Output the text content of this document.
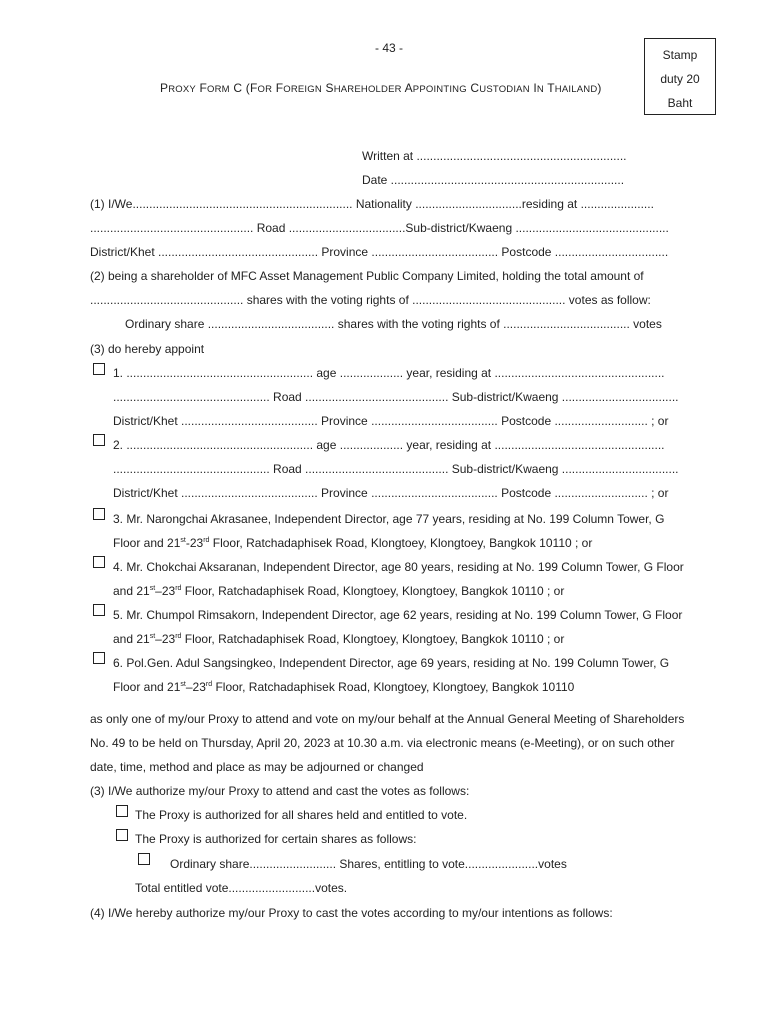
- 43 -	Stamp
duty 20
Baht
PROXY FORM C (FOR FOREIGN SHAREHOLDER APPOINTING CUSTODIAN IN THAILAND)
Written at ...............................................................
Date ......................................................................
(1) I/We.................................................................. Nationality ................................residing at ......................
................................................. Road ...................................Sub-district/Kwaeng ..............................................
District/Khet ................................................ Province ...................................... Postcode ..................................
(2) being a shareholder of MFC Asset Management Public Company Limited, holding the total amount of
.............................................. shares with the voting rights of .............................................. votes as follow:
Ordinary share ...................................... shares with the voting rights of ...................................... votes
(3) do hereby appoint
1. ........................................................ age ................... year, residing at ...................................................
............................................... Road ........................................... Sub-district/Kwaeng ...................................
District/Khet ......................................... Province ...................................... Postcode ............................ ; or
2. ........................................................ age ................... year, residing at ...................................................
............................................... Road ........................................... Sub-district/Kwaeng ...................................
District/Khet ......................................... Province ...................................... Postcode ............................ ; or
3. Mr. Narongchai Akrasanee, Independent Director, age 77 years, residing at No. 199 Column Tower, G
Floor and 21st-23rd Floor, Ratchadaphisek Road, Klongtoey, Klongtoey, Bangkok 10110 ; or
4. Mr. Chokchai Aksaranan, Independent Director, age 80 years, residing at No. 199 Column Tower, G Floor
and 21st–23rd Floor, Ratchadaphisek Road, Klongtoey, Klongtoey, Bangkok 10110 ; or
5. Mr. Chumpol Rimsakorn, Independent Director, age 62 years, residing at No. 199 Column Tower, G Floor
and 21st–23rd Floor, Ratchadaphisek Road, Klongtoey, Klongtoey, Bangkok 10110 ; or
6. Pol.Gen. Adul Sangsingkeo, Independent Director, age 69 years, residing at No. 199 Column Tower, G
Floor and 21st–23rd Floor, Ratchadaphisek Road, Klongtoey, Klongtoey, Bangkok 10110
as only one of my/our Proxy to attend and vote on my/our behalf at the Annual General Meeting of Shareholders
No. 49 to be held on Thursday, April 20, 2023 at 10.30 a.m. via electronic means (e-Meeting), or on such other
date, time, method and place as may be adjourned or changed
(3) I/We authorize my/our Proxy to attend and cast the votes as follows:
The Proxy is authorized for all shares held and entitled to vote.
The Proxy is authorized for certain shares as follows:
Ordinary share.......................... Shares, entitling to vote......................votes
Total entitled vote..........................votes.
(4) I/We hereby authorize my/our Proxy to cast the votes according to my/our intentions as follows:
